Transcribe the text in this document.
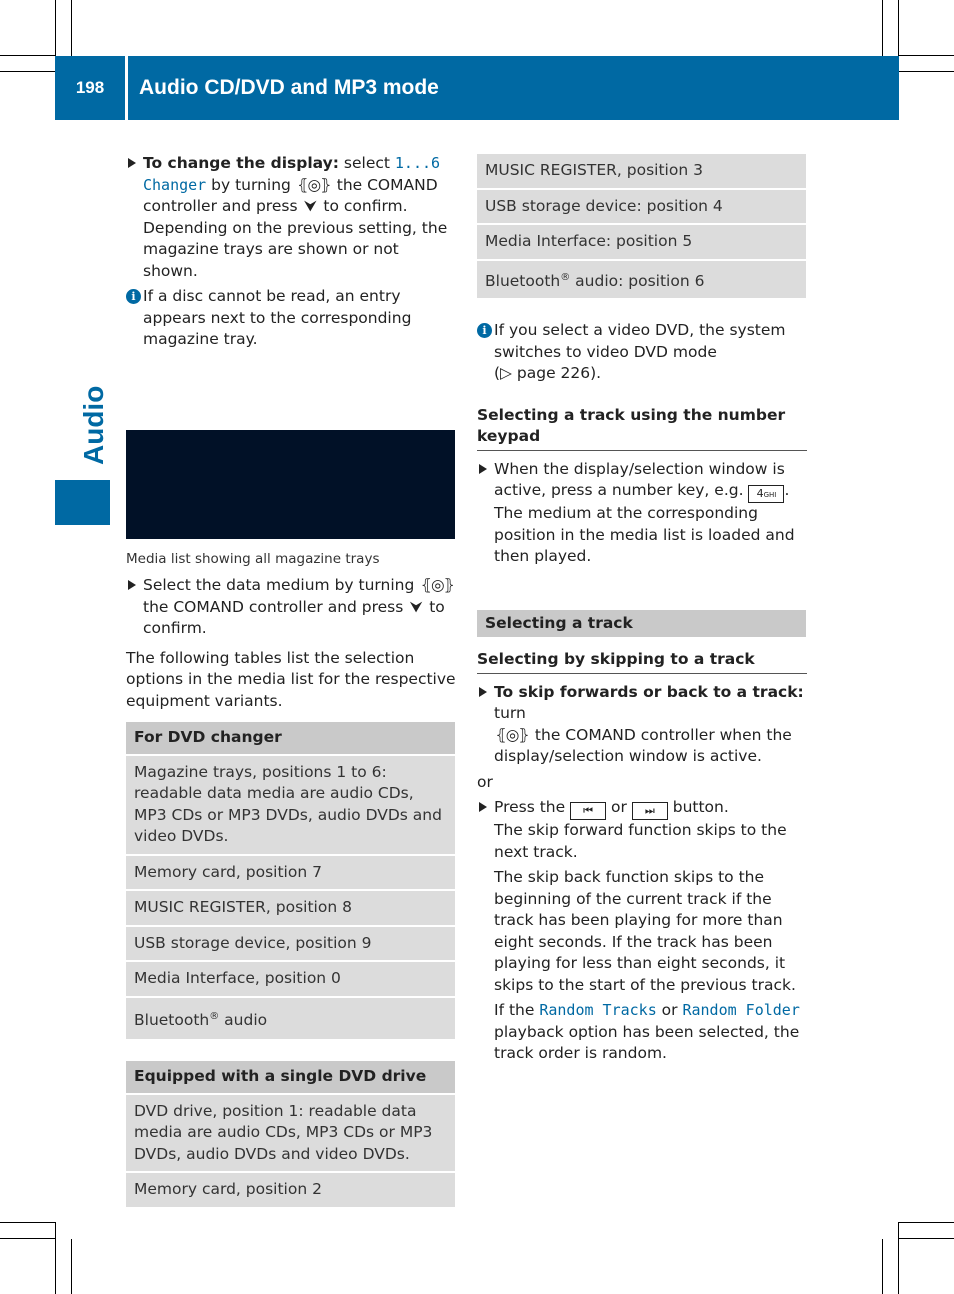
198	Audio CD/DVD and MP3 mode
Audio
To change the display: select 1...6 Changer by turning ⦃◎⦄ the COMAND controller and press ⮟ to confirm. Depending on the previous setting, the magazine trays are shown or not shown.
i If a disc cannot be read, an entry appears next to the corresponding magazine tray.
Media list showing all magazine trays
Select the data medium by turning ⦃◎⦄ the COMAND controller and press ⮟ to confirm.

The following tables list the selection options in the media list for the respective equipment variants.

For DVD changer
Magazine trays, positions 1 to 6: readable data media are audio CDs, MP3 CDs or MP3 DVDs, audio DVDs and video DVDs.
Memory card, position 7
MUSIC REGISTER, position 8
USB storage device, position 9
Media Interface, position 0
Bluetooth® audio
Equipped with a single DVD drive
DVD drive, position 1: readable data media are audio CDs, MP3 CDs or MP3 DVDs, audio DVDs and video DVDs.
Memory card, position 2
MUSIC REGISTER, position 3
USB storage device: position 4
Media Interface: position 5
Bluetooth® audio: position 6
i If you select a video DVD, the system switches to video DVD mode
(▷ page 226).

Selecting a track using the number keypad

When the display/selection window is active, press a number key, e.g. 4GHI .
The medium at the corresponding position in the media list is loaded and then played.
Selecting a track

Selecting by skipping to a track

To skip forwards or back to a track: turn
⦃◎⦄ the COMAND controller when the display/selection window is active.

or

Press the ⏮ or ⏭ button.

The skip forward function skips to the next track.

The skip back function skips to the beginning of the current track if the track has been playing for more than eight seconds. If the track has been playing for less than eight seconds, it skips to the start of the previous track.

If the Random Tracks or Random Folder playback option has been selected, the track order is random.
